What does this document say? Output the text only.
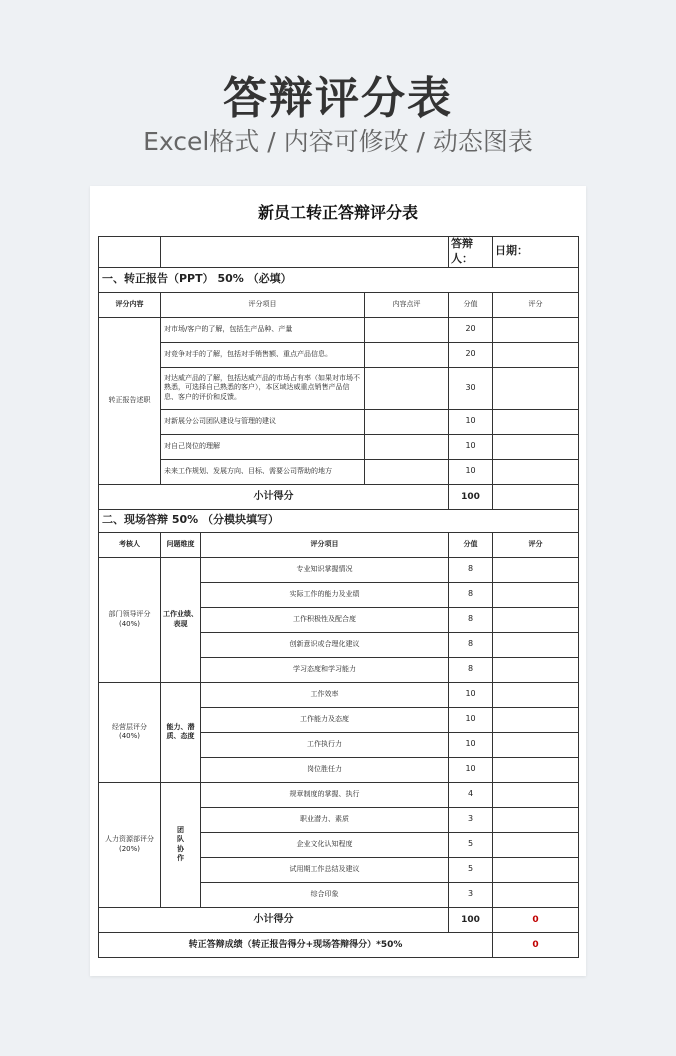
答辩评分表
Excel格式 / 内容可修改 / 动态图表
新员工转正答辩评分表
				答辩人：	日期：
一、转正报告（PPT） 50% （必填）					
评分内容	评分项目		内容点评	分值	评分
转正报告述职	对市场/客户的了解，包括生产品种、产量			20	
	对竞争对手的了解，包括对手销售额、重点产品信息。			20	
	对达威产品的了解，包括达威产品的市场占有率（如果对市场不熟悉，可选择自己熟悉的客户），本区域达威重点销售产品信息、客户的评价和反馈。			30	
	对新展分公司团队建设与管理的建议			10	
	对自己岗位的理解			10	
	未来工作规划、发展方向、目标、需要公司帮助的地方			10	
小计得分				100	
二、现场答辩 50% （分模块填写）					
考核人	问题维度	评分项目		分值	评分
部门领导评分
(40%)	工作业绩、表现	专业知识掌握情况		8	
		实际工作的能力及业绩		8	
		工作积极性及配合度		8	
		创新意识或合理化建议		8	
		学习态度和学习能力		8	
经营层评分
(40%)	能力、潜质、态度	工作效率		10	
		工作能力及态度		10	
		工作执行力		10	
		岗位胜任力		10	
人力资源部评分
(20%)	团
队
协
作	规章制度的掌握、执行		4	
		职业潜力、素质		3	
		企业文化认知程度		5	
		试用期工作总结及建议		5	
		综合印象		3	
小计得分				100	0
转正答辩成绩（转正报告得分+现场答辩得分）*50%					0
